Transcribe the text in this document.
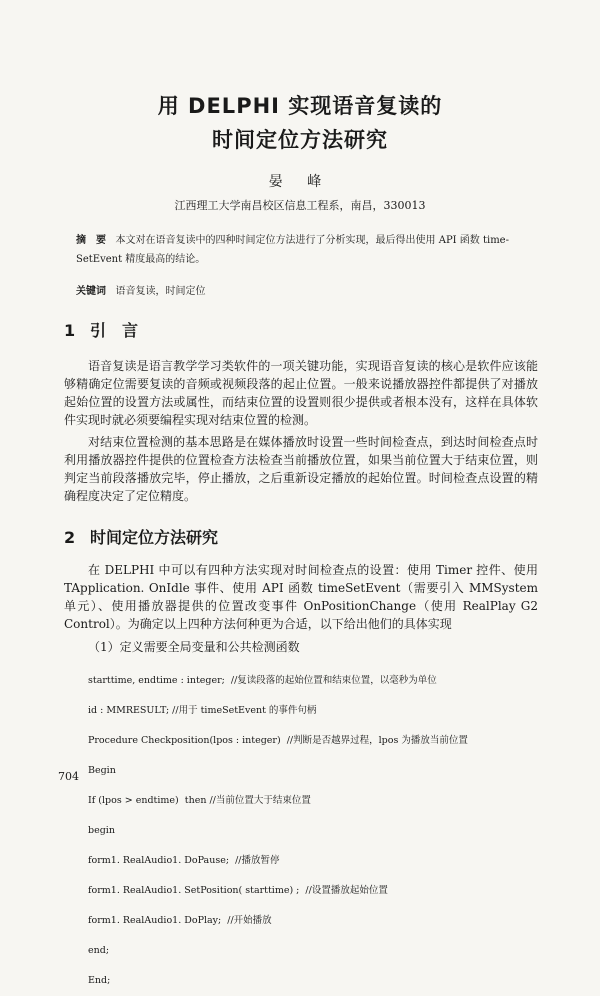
用 DELPHI 实现语音复读的
时间定位方法研究
晏 峰
江西理工大学南昌校区信息工程系，南昌，330013
摘　要 本文对在语音复读中的四种时间定位方法进行了分析实现，最后得出使用 API 函数 time-
SetEvent 精度最高的结论。
关键词 语音复读，时间定位
1 引　言
语音复读是语言教学学习类软件的一项关键功能，实现语音复读的核心是软件应该能够精确定位需要复读的音频或视频段落的起止位置。一般来说播放器控件都提供了对播放起始位置的设置方法或属性，而结束位置的设置则很少提供或者根本没有，这样在具体软件实现时就必须要编程实现对结束位置的检测。
对结束位置检测的基本思路是在媒体播放时设置一些时间检查点，到达时间检查点时利用播放器控件提供的位置检查方法检查当前播放位置，如果当前位置大于结束位置，则判定当前段落播放完毕，停止播放，之后重新设定播放的起始位置。时间检查点设置的精确程度决定了定位精度。
2 时间定位方法研究
在 DELPHI 中可以有四种方法实现对时间检查点的设置：使用 Timer 控件、使用 TApplication. OnIdle 事件、使用 API 函数 timeSetEvent（需要引入 MMSystem 单元）、使用播放器提供的位置改变事件 OnPositionChange（使用 RealPlay G2 Control）。为确定以上四种方法何种更为合适，以下给出他们的具体实现
（1）定义需要全局变量和公共检测函数

starttime, endtime : integer;  //复读段落的起始位置和结束位置，以毫秒为单位

id : MMRESULT; //用于 timeSetEvent 的事件句柄

Procedure Checkposition(lpos : integer)  //判断是否越界过程，lpos 为播放当前位置

Begin

If (lpos > endtime)  then //当前位置大于结束位置

begin

form1. RealAudio1. DoPause;  //播放暂停

form1. RealAudio1. SetPosition( starttime) ;  //设置播放起始位置

form1. RealAudio1. DoPlay;  //开始播放

end;

End;

704
